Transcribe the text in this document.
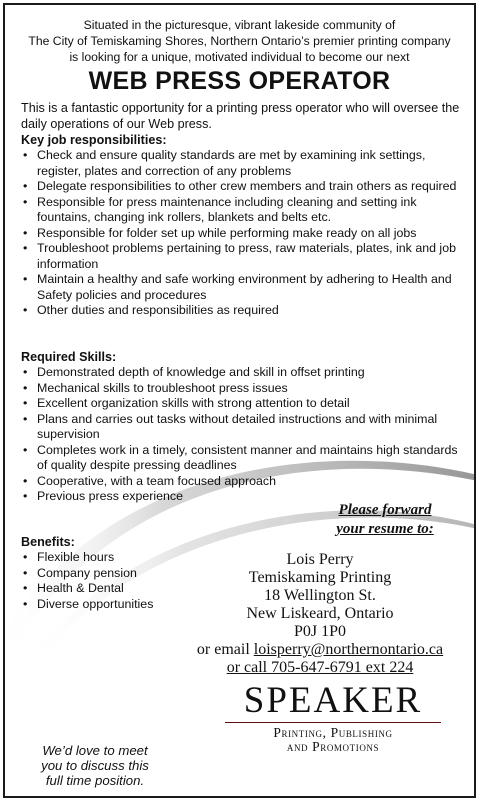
Situated in the picturesque, vibrant lakeside community of
The City of Temiskaming Shores, Northern Ontario’s premier printing company
is looking for a unique, motivated individual to become our next
WEB PRESS OPERATOR
This is a fantastic opportunity for a printing press operator who will oversee the daily operations of our Web press.
Key job responsibilities:
• Check and ensure quality standards are met by examining ink settings, register, plates and correction of any problems
• Delegate responsibilities to other crew members and train others as required
• Responsible for press maintenance including cleaning and setting ink fountains, changing ink rollers, blankets and belts etc.
• Responsible for folder set up while performing make ready on all jobs
• Troubleshoot problems pertaining to press, raw materials, plates, ink and job information
• Maintain a healthy and safe working environment by adhering to Health and Safety policies and procedures
• Other duties and responsibilities as required
Required Skills:
• Demonstrated depth of knowledge and skill in offset printing
• Mechanical skills to troubleshoot press issues
• Excellent organization skills with strong attention to detail
• Plans and carries out tasks without detailed instructions and with minimal supervision
• Completes work in a timely, consistent manner and maintains high standards of quality despite pressing deadlines
• Cooperative, with a team focused approach
• Previous press experience
Please forward
your resume to:
Benefits:
• Flexible hours
• Company pension
• Health & Dental
• Diverse opportunities
Lois Perry
Temiskaming Printing
18 Wellington St.
New Liskeard, Ontario
P0J 1P0
or email loisperry@northernontario.ca
or call 705-647-6791 ext 224
SPEAKER
Printing, Publishing
and Promotions
We’d love to meet
you to discuss this
full time position.
